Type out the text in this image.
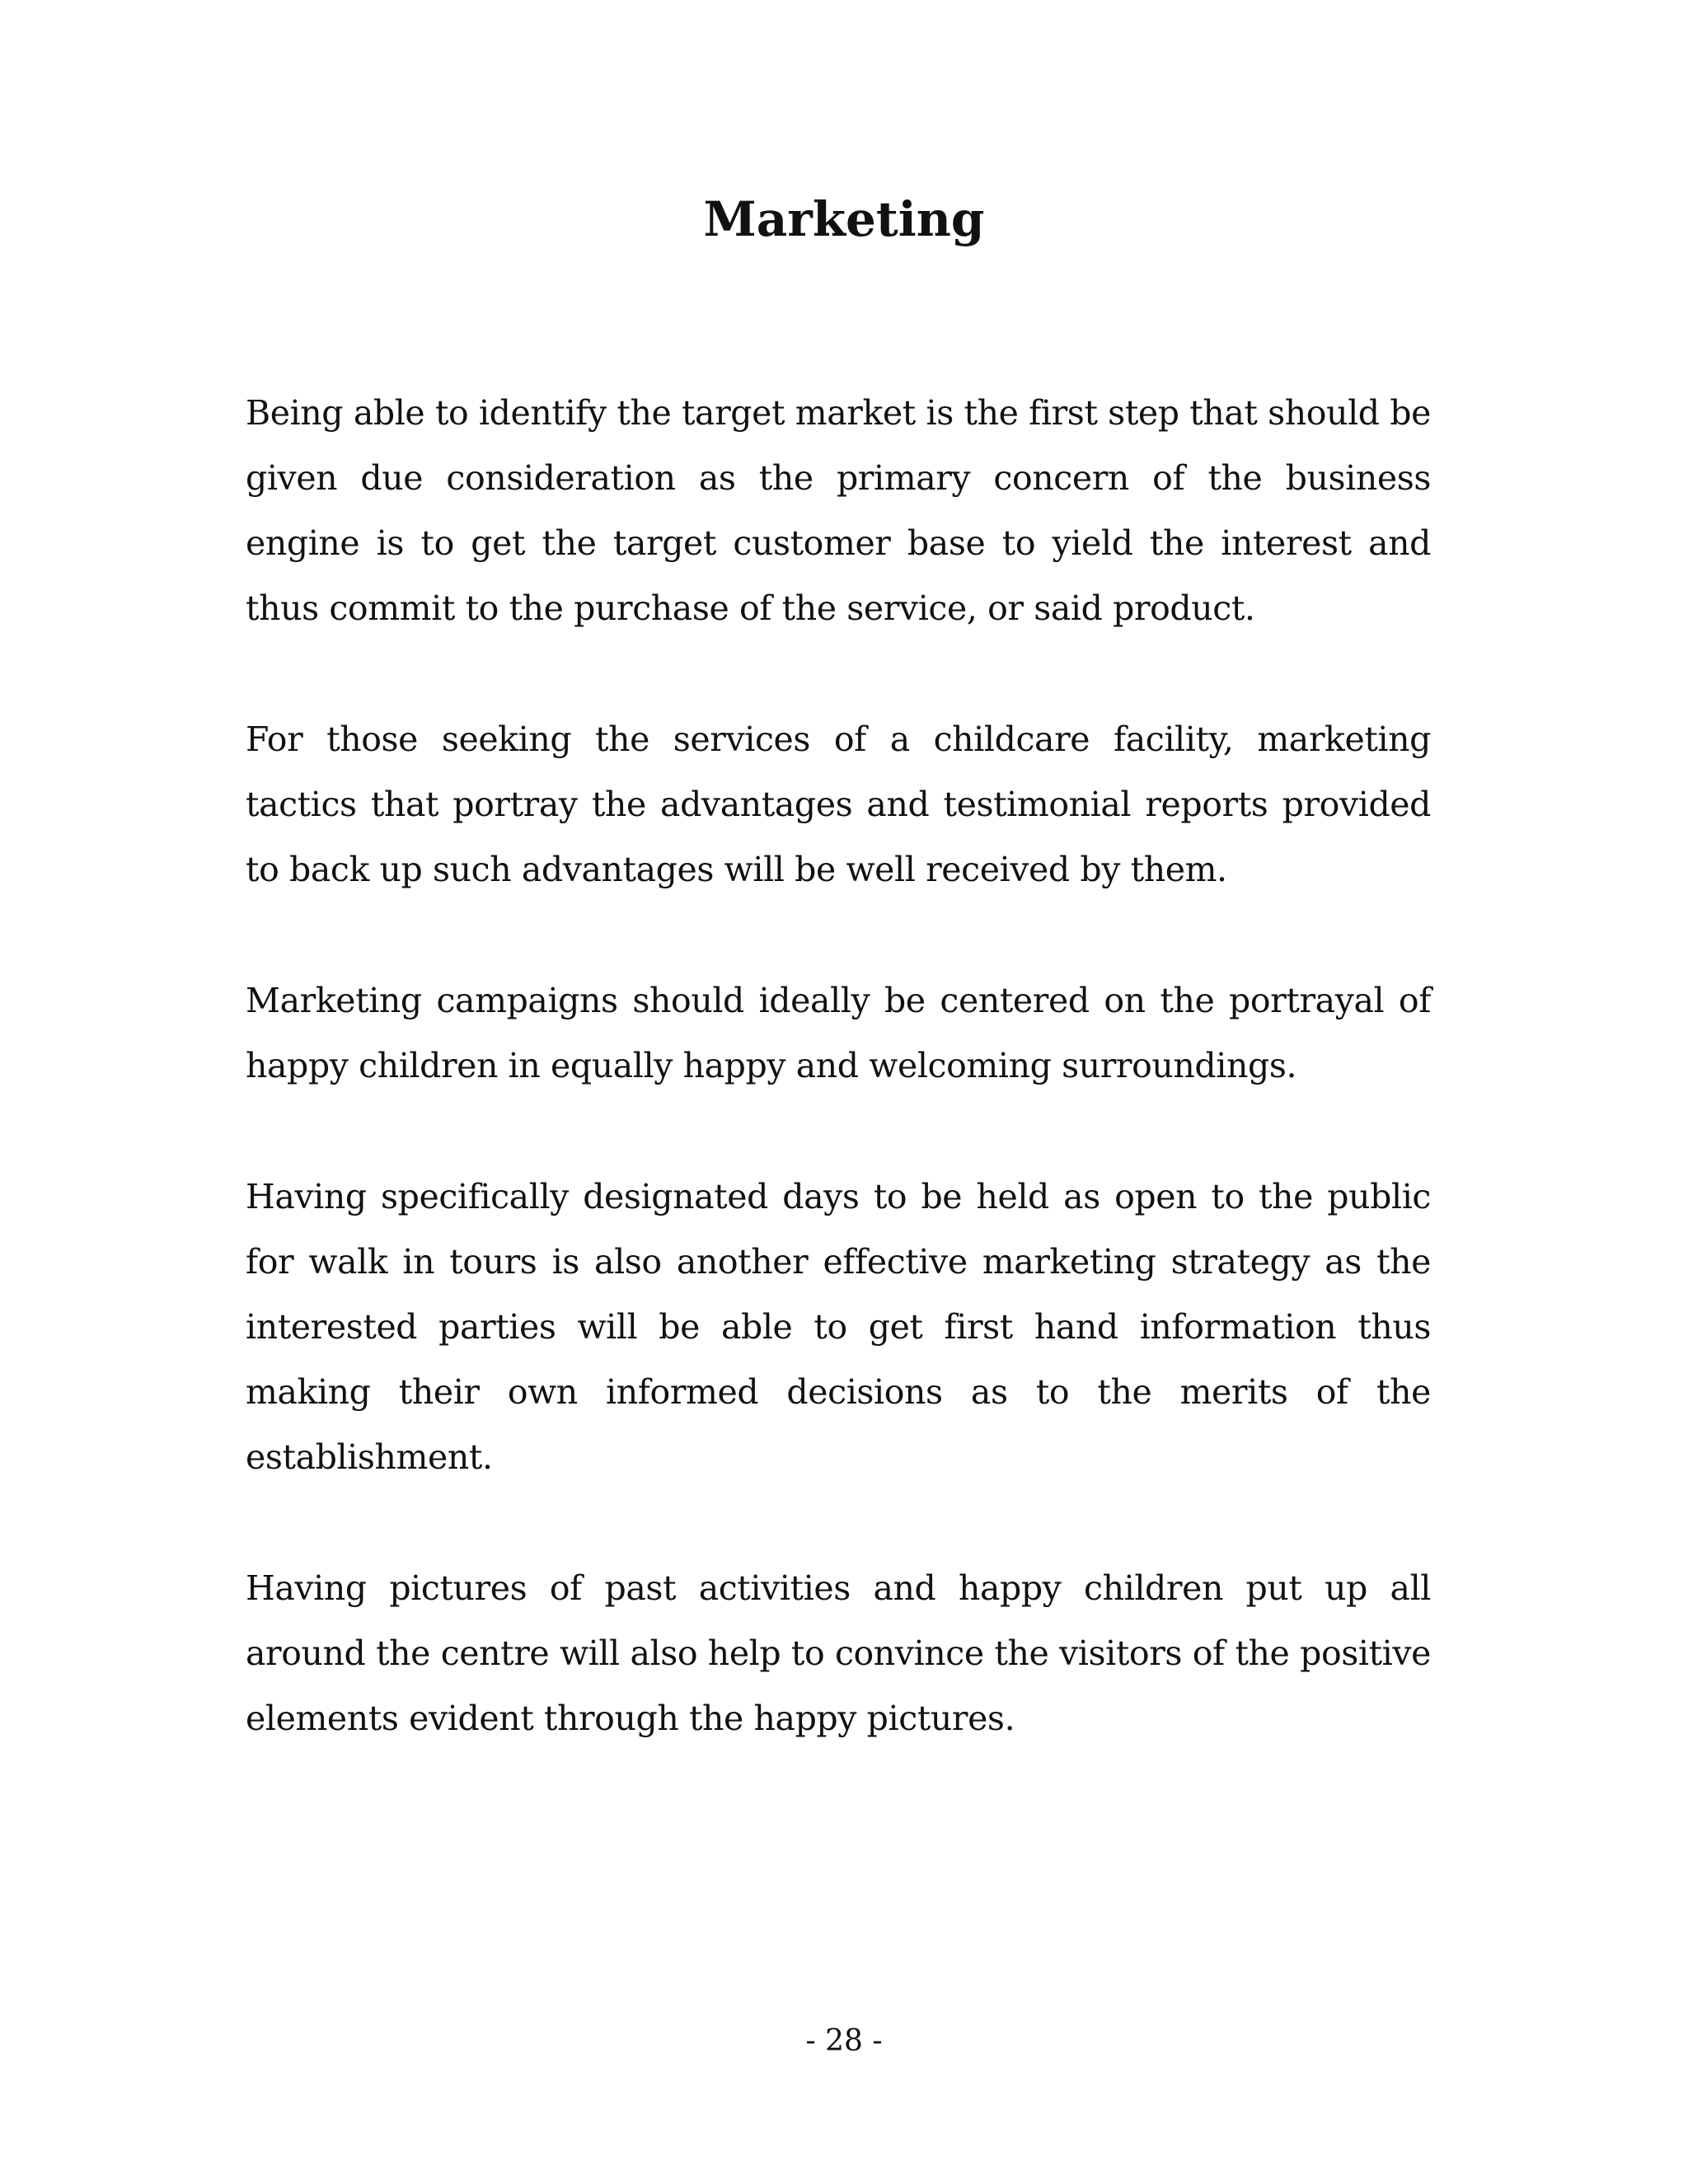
Marketing

Being able to identify the target market is the first step that should be given due consideration as the primary concern of the business engine is to get the target customer base to yield the interest and thus commit to the purchase of the service, or said product.

For those seeking the services of a childcare facility, marketing tactics that portray the advantages and testimonial reports provided to back up such advantages will be well received by them.

Marketing campaigns should ideally be centered on the portrayal of happy children in equally happy and welcoming surroundings.

Having specifically designated days to be held as open to the public for walk in tours is also another effective marketing strategy as the interested parties will be able to get first hand information thus making their own informed decisions as to the merits of the establishment.

Having pictures of past activities and happy children put up all around the centre will also help to convince the visitors of the positive elements evident through the happy pictures.

- 28 -
